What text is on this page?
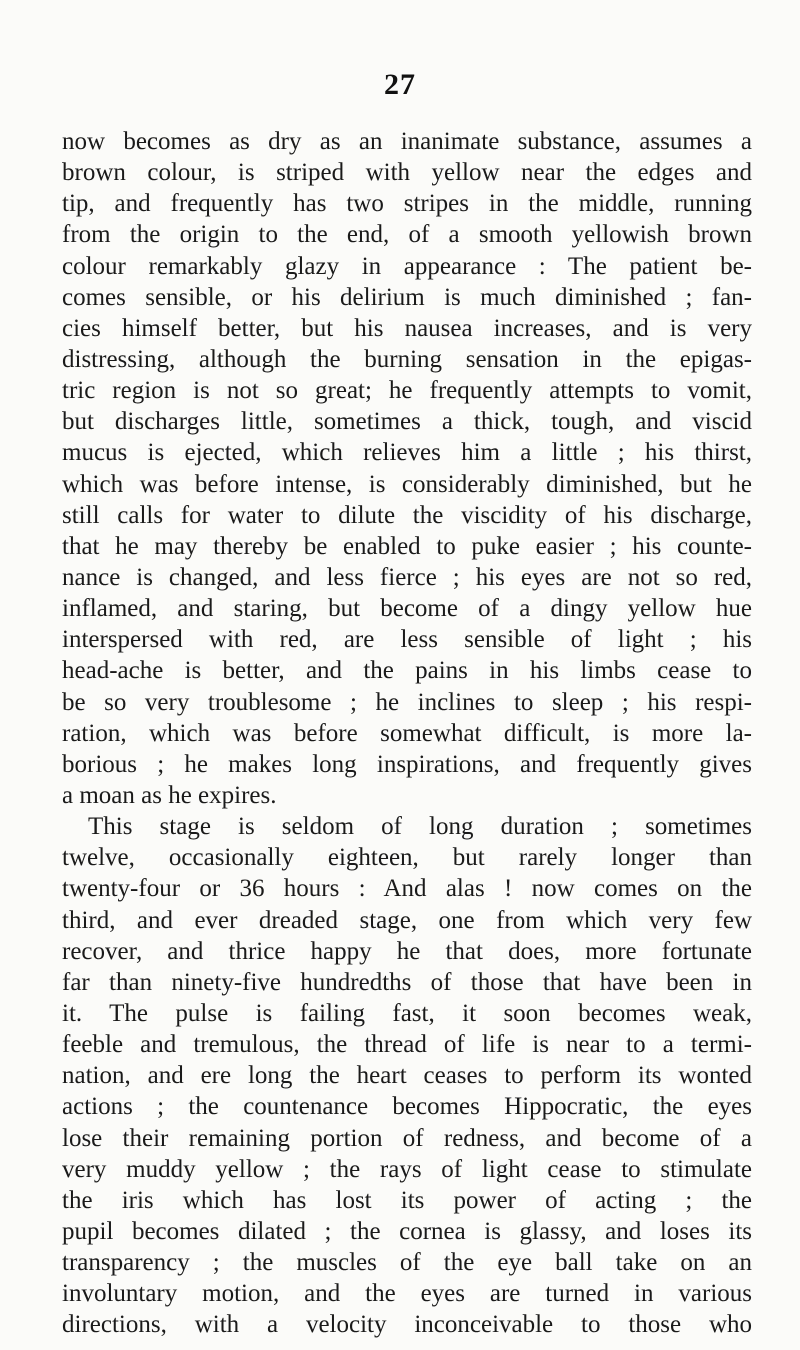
27
now becomes as dry as an inanimate substance, assumes a
brown colour, is striped with yellow near the edges and
tip, and frequently has two stripes in the middle, running
from the origin to the end, of a smooth yellowish brown
colour remarkably glazy in appearance : The patient be-
comes sensible, or his delirium is much diminished ; fan-
cies himself better, but his nausea increases, and is very
distressing, although the burning sensation in the epigas-
tric region is not so great; he frequently attempts to vomit,
but discharges little, sometimes a thick, tough, and viscid
mucus is ejected, which relieves him a little ; his thirst,
which was before intense, is considerably diminished, but he
still calls for water to dilute the viscidity of his discharge,
that he may thereby be enabled to puke easier ; his counte-
nance is changed, and less fierce ; his eyes are not so red,
inflamed, and staring, but become of a dingy yellow hue
interspersed with red, are less sensible of light ; his
head-ache is better, and the pains in his limbs cease to
be so very troublesome ; he inclines to sleep ; his respi-
ration, which was before somewhat difficult, is more la-
borious ; he makes long inspirations, and frequently gives
a moan as he expires.
This stage is seldom of long duration ; sometimes
twelve, occasionally eighteen, but rarely longer than
twenty-four or 36 hours : And alas ! now comes on the
third, and ever dreaded stage, one from which very few
recover, and thrice happy he that does, more fortunate
far than ninety-five hundredths of those that have been in
it. The pulse is failing fast, it soon becomes weak,
feeble and tremulous, the thread of life is near to a termi-
nation, and ere long the heart ceases to perform its wonted
actions ; the countenance becomes Hippocratic, the eyes
lose their remaining portion of redness, and become of a
very muddy yellow ; the rays of light cease to stimulate
the iris which has lost its power of acting ; the
pupil becomes dilated ; the cornea is glassy, and loses its
transparency ; the muscles of the eye ball take on an
involuntary motion, and the eyes are turned in various
directions, with a velocity inconceivable to those who
